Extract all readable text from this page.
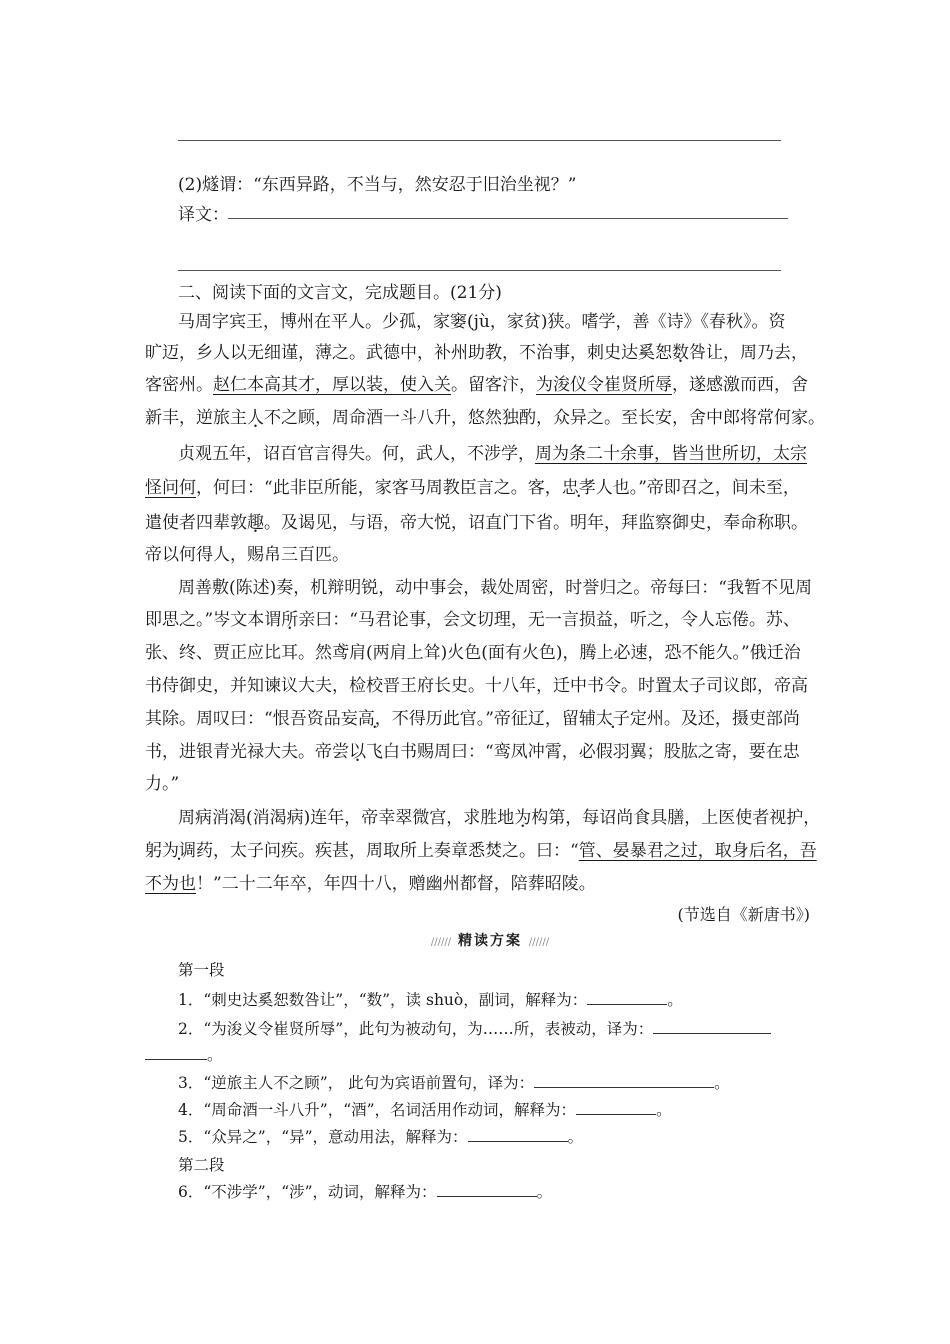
(2)燧谓：“东西异路，不当与，然安忍于旧治坐视？”
译文：
二、阅读下面的文言文，完成题目。(21分)
马周字宾王，博州在平人。少孤，家窭(jù，家贫)狭。嗜学，善《诗》《春秋》。资
旷迈，乡人以无细谨，薄之。武德中，补州助教，不治事，刺史达奚恕数咎让，周乃去，
客密州。赵仁本高其才，厚以装，使入关。留客汴，为浚仪令崔贤所辱，遂感激而西，舍
新丰，逆旅主人不之顾 •，周命酒一斗八升，悠然独酌，众异之。至长安，舍中郎将常何家。
贞观五年，诏百官言得失。何，武人，不涉学，周为条二十余事，皆当世所切，太宗
怪问何，何曰：“此非臣所能，家客马周教臣言之。客，忠孝人也 •。”帝即召之，间未至，
遣使者四辈敦趣。及谒见，与语，帝大悦，诏直门下省。明年，拜监察御史，奉命称职。
帝以何得人，赐帛三百匹。
周善敷(陈述)奏，机辩明锐，动中事会，裁处周密，时誉归之。帝每曰：“我暂不见周
即思之。”岑文本谓所亲曰：“马君论事，会文切理，无一言损益，听之，令人忘倦。苏、
张、终、贾正应比耳。然鸢肩(两肩上耸)火色(面有火色)，腾上必速，恐不能久。”俄迁治
书侍御史，并知谏议大夫，检校晋王府长史。十八年，迁中书令。时置太子司议郎，帝高
其除。周叹曰：“恨吾资品妄高，不得历此官 •。”帝征辽，留辅太子定州 •。及还，摄吏部尚
书，进银青光禄大夫。帝尝以飞白书赐周曰：“鸾凤冲霄，必假羽翼；股肱之寄，要在忠
力。”
周病消渴(消渴病)连年，帝幸翠微宫，求胜地为构第，每诏尚食具膳，上医使者视护，
躬为调药，太子问疾。疾甚，周取所上奏章悉焚之。曰：“管、晏暴君之过，取身后名，吾
不为也！”二十二年卒，年四十八，赠幽州都督，陪葬昭陵。
(节选自《新唐书》)
////// 精读方案 //////
第一段
1．“刺史达奚恕数咎让”，“数”，读 shuò，副词，解释为：	。
2．“为浚义令崔贤所辱”，此句为被动句，为……所，表被动，译为：
。
3．“逆旅主人不之顾”， 此句为宾语前置句，译为：	。
4．“周命酒一斗八升”，“酒”，名词活用作动词，解释为：	。
5．“众异之”，“异”，意动用法，解释为：	。
第二段
6．“不涉学”，“涉”，动词，解释为：	。
